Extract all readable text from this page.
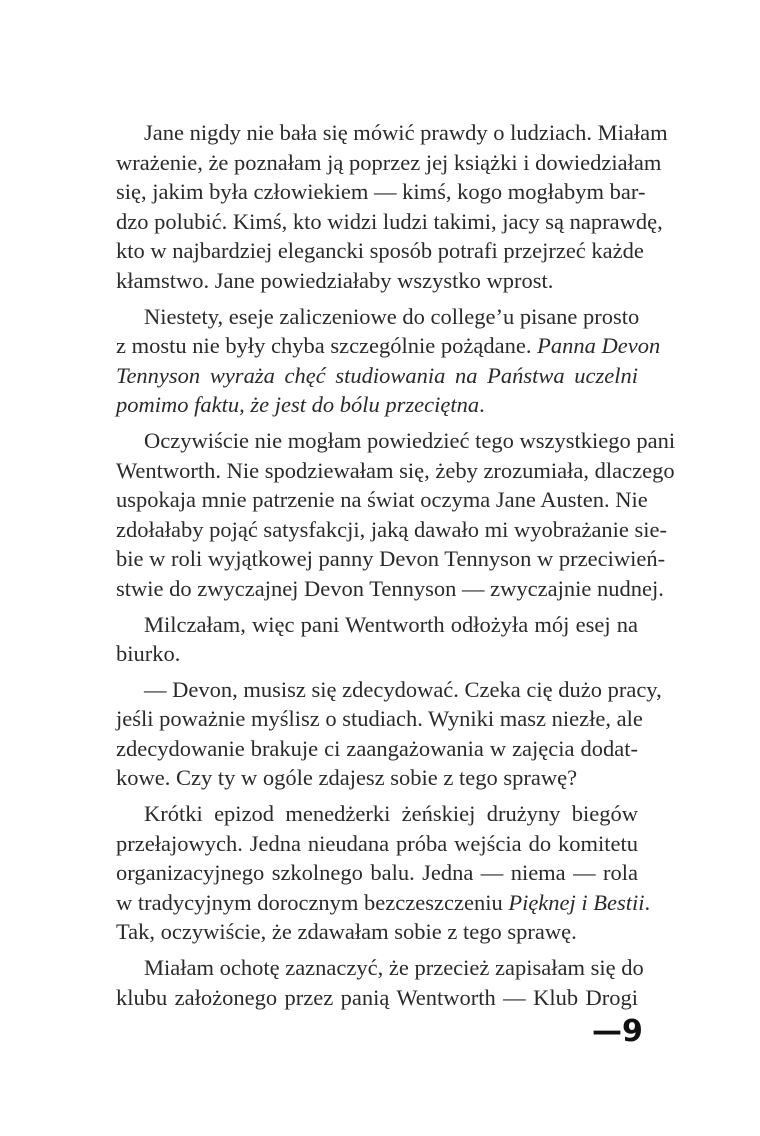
Jane nigdy nie bała się mówić prawdy o ludziach. Miałam
wrażenie, że poznałam ją poprzez jej książki i dowiedziałam
się, jakim była człowiekiem — kimś, kogo mogłabym bar-
dzo polubić. Kimś, kto widzi ludzi takimi, jacy są naprawdę,
kto w najbardziej elegancki sposób potrafi przejrzeć każde
kłamstwo. Jane powiedziałaby wszystko wprost.

Niestety, eseje zaliczeniowe do college’u pisane prosto
z mostu nie były chyba szczególnie pożądane. Panna Devon
Tennyson wyraża chęć studiowania na Państwa uczelni
pomimo faktu, że jest do bólu przeciętna.

Oczywiście nie mogłam powiedzieć tego wszystkiego pani
Wentworth. Nie spodziewałam się, żeby zrozumiała, dlaczego
uspokaja mnie patrzenie na świat oczyma Jane Austen. Nie
zdołałaby pojąć satysfakcji, jaką dawało mi wyobrażanie sie-
bie w roli wyjątkowej panny Devon Tennyson w przeciwień-
stwie do zwyczajnej Devon Tennyson — zwyczajnie nudnej.

Milczałam, więc pani Wentworth odłożyła mój esej na
biurko.

— Devon, musisz się zdecydować. Czeka cię dużo pracy,
jeśli poważnie myślisz o studiach. Wyniki masz niezłe, ale
zdecydowanie brakuje ci zaangażowania w zajęcia dodat-
kowe. Czy ty w ogóle zdajesz sobie z tego sprawę?

Krótki epizod menedżerki żeńskiej drużyny biegów
przełajowych. Jedna nieudana próba wejścia do komitetu
organizacyjnego szkolnego balu. Jedna — niema — rola
w tradycyjnym dorocznym bezczeszczeniu Pięknej i Bestii.
Tak, oczywiście, że zdawałam sobie z tego sprawę.

Miałam ochotę zaznaczyć, że przecież zapisałam się do
klubu założonego przez panią Wentworth — Klub Drogi

—9
